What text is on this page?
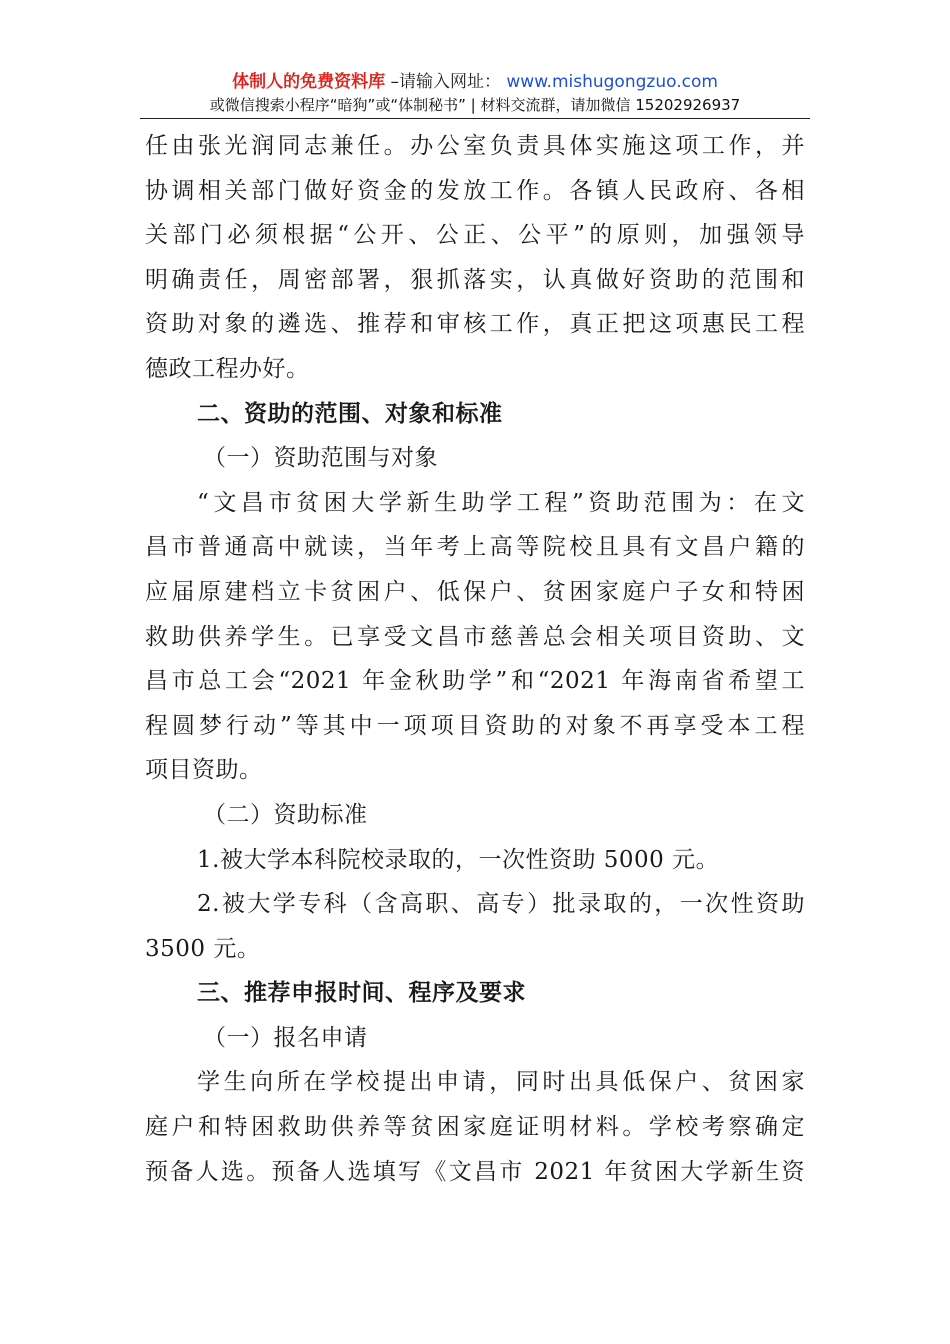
体制人的免费资料库 –请输入网址： www.mishugongzuo.com
或微信搜索小程序“暗狗”或“体制秘书” | 材料交流群，请加微信 15202926937
任由张光润同志兼任。办公室负责具体实施这项工作，并
协调相关部门做好资金的发放工作。各镇人民政府、各相
关部门必须根据“公开、公正、公平”的原则，加强领导
明确责任，周密部署，狠抓落实，认真做好资助的范围和
资助对象的遴选、推荐和审核工作，真正把这项惠民工程
德政工程办好。
二、资助的范围、对象和标准
（一）资助范围与对象
“文昌市贫困大学新生助学工程”资助范围为：在文
昌市普通高中就读，当年考上高等院校且具有文昌户籍的
应届原建档立卡贫困户、低保户、贫困家庭户子女和特困
救助供养学生。已享受文昌市慈善总会相关项目资助、文
昌市总工会“2021 年金秋助学”和“2021 年海南省希望工
程圆梦行动”等其中一项项目资助的对象不再享受本工程
项目资助。
（二）资助标准
1.被大学本科院校录取的，一次性资助 5000 元。
2.被大学专科（含高职、高专）批录取的，一次性资助
3500 元。
三、推荐申报时间、程序及要求
（一）报名申请
学生向所在学校提出申请，同时出具低保户、贫困家
庭户和特困救助供养等贫困家庭证明材料。学校考察确定
预备人选。预备人选填写《文昌市 2021 年贫困大学新生资
